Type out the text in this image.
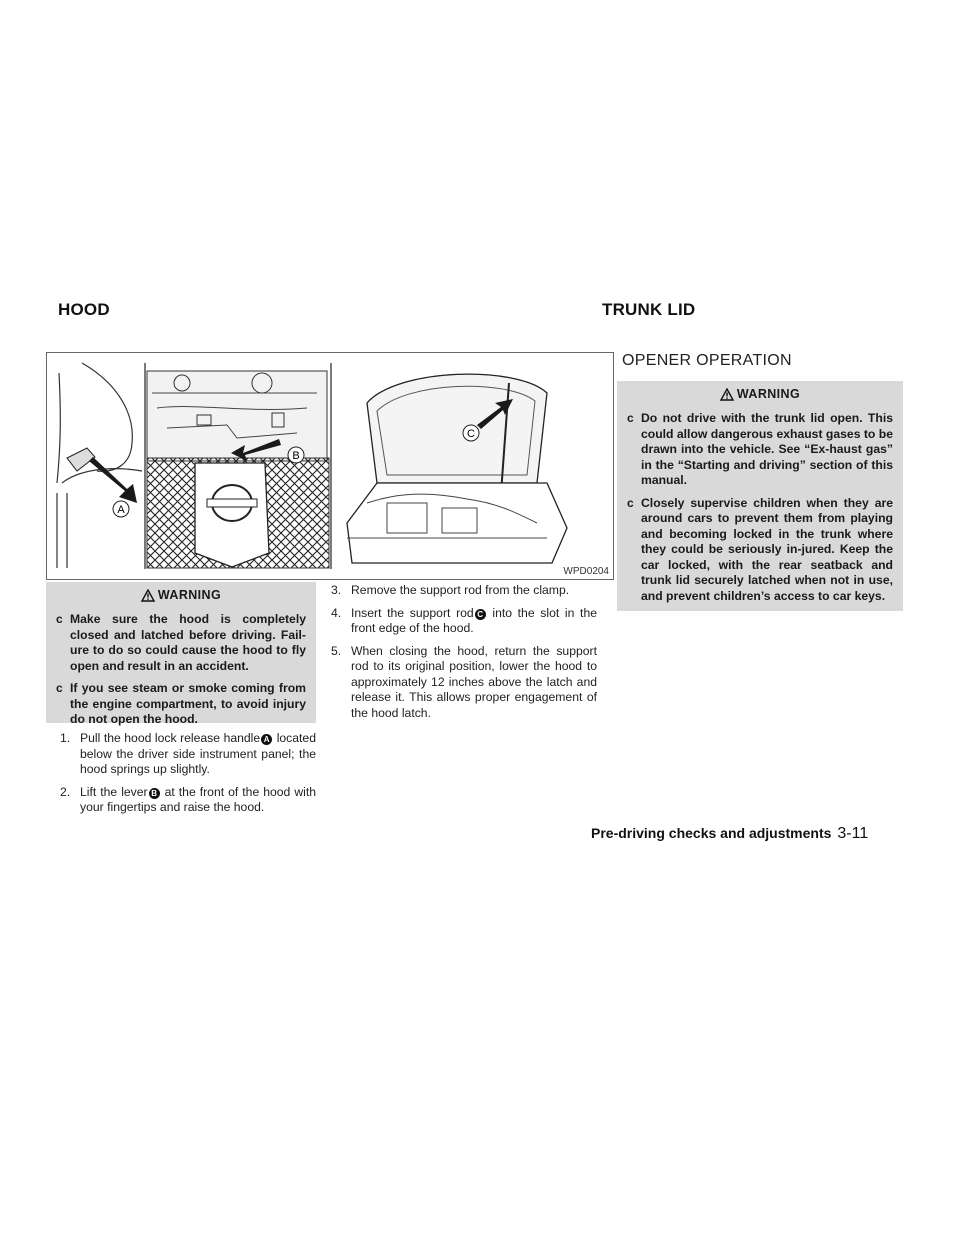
HOOD	TRUNK LID
A
B
C
WPD0204
WARNING
c Make sure the hood is completely closed and latched before driving. Fail-ure to do so could cause the hood to fly open and result in an accident.
c If you see steam or smoke coming from the engine compartment, to avoid injury do not open the hood.
1. Pull the hood lock release handle A located below the driver side instrument panel; the hood springs up slightly.
2. Lift the lever B at the front of the hood with your fingertips and raise the hood.
3. Remove the support rod from the clamp.
4. Insert the support rod C into the slot in the front edge of the hood.
5. When closing the hood, return the support rod to its original position, lower the hood to approximately 12 inches above the latch and release it. This allows proper engagement of the hood latch.
OPENER OPERATION
WARNING
c Do not drive with the trunk lid open. This could allow dangerous exhaust gases to be drawn into the vehicle. See “Ex-haust gas” in the “Starting and driving” section of this manual.
c Closely supervise children when they are around cars to prevent them from playing and becoming locked in the trunk where they could be seriously in-jured. Keep the car locked, with the rear seatback and trunk lid securely latched when not in use, and prevent children’s access to car keys.
Pre-driving checks and adjustments 3-11
